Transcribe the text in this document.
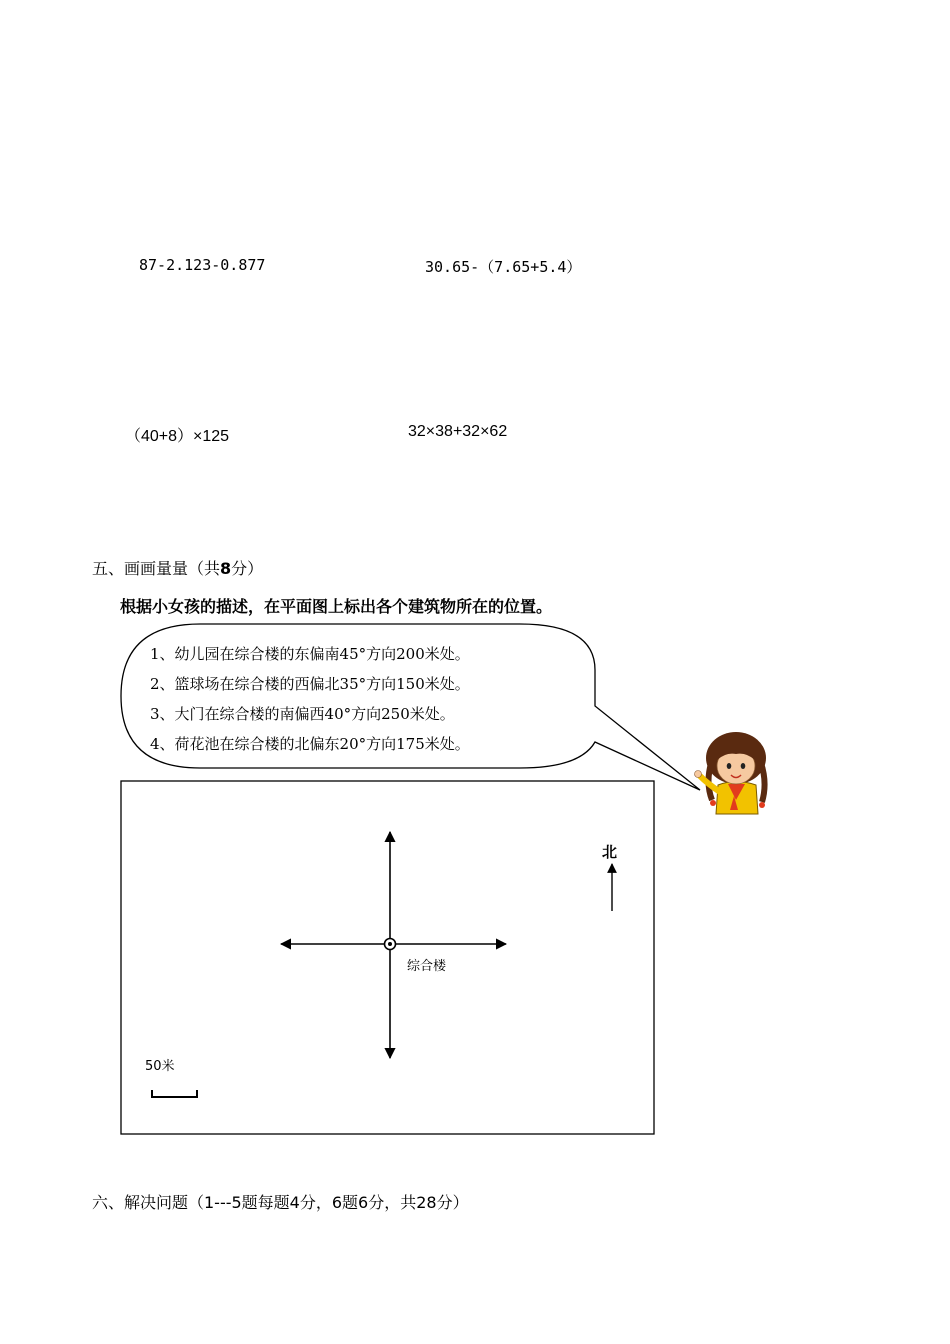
87-2.123-0.877	30.65-（7.65+5.4）
（40+8）×125	32×38+32×62
五、画画量量（共8分）
根据小女孩的描述，在平面图上标出各个建筑物所在的位置。
1、幼儿园在综合楼的东偏南45°方向200米处。
2、篮球场在综合楼的西偏北35°方向150米处。
3、大门在综合楼的南偏西40°方向250米处。
4、荷花池在综合楼的北偏东20°方向175米处。
综合楼
北
50米
六、解决问题（1---5题每题4分，6题6分，共28分）
